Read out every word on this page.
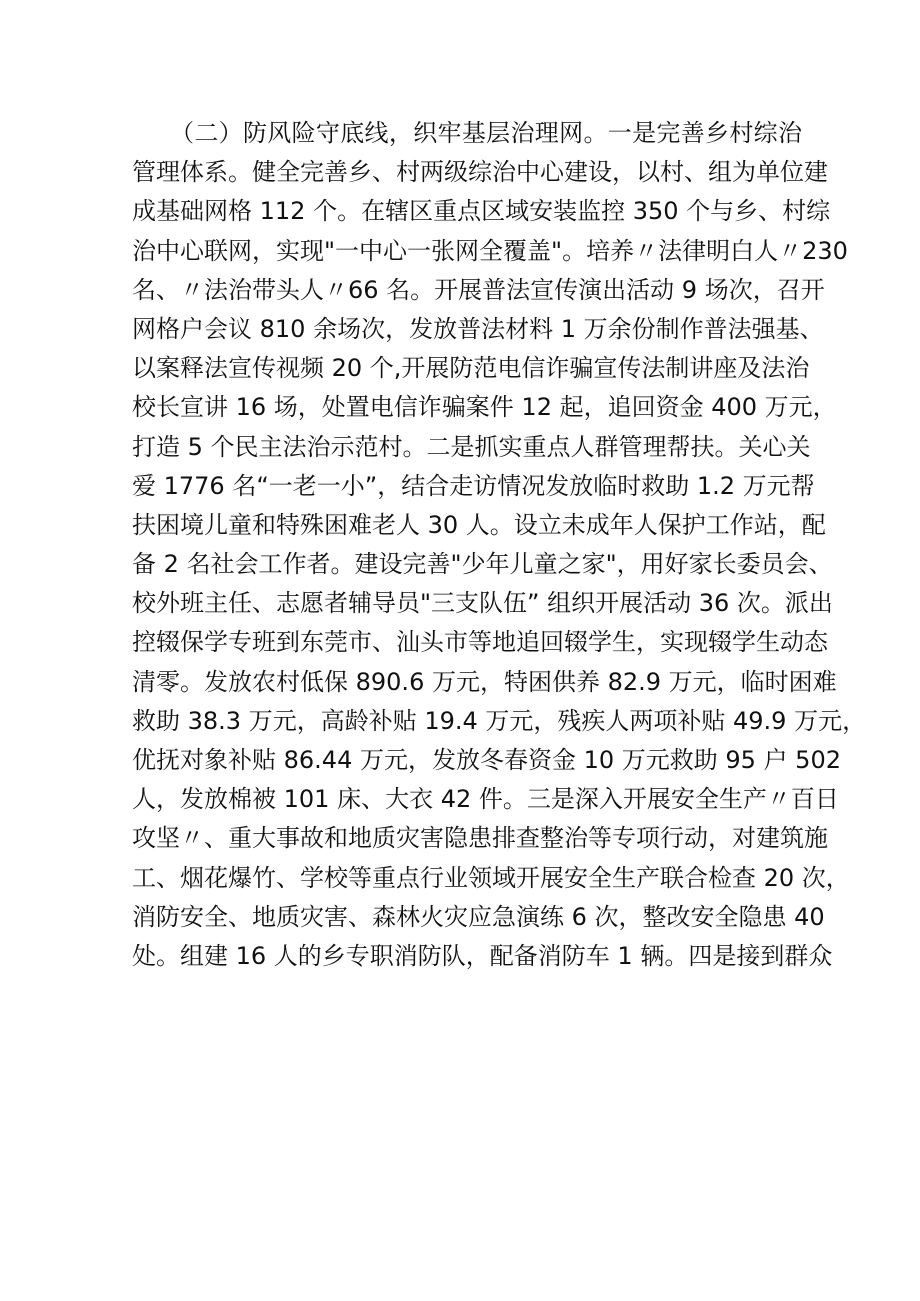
（二）防风险守底线，织牢基层治理网。一是完善乡村综治
管理体系。健全完善乡、村两级综治中心建设，以村、组为单位建
成基础网格 112 个。在辖区重点区域安装监控 350 个与乡、村综
治中心联网，实现"一中心一张网全覆盖"。培养〃法律明白人〃230
名、〃法治带头人〃66 名。开展普法宣传演出活动 9 场次，召开
网格户会议 810 余场次，发放普法材料 1 万余份制作普法强基、
以案释法宣传视频 20 个,开展防范电信诈骗宣传法制讲座及法治
校长宣讲 16 场，处置电信诈骗案件 12 起，追回资金 400 万元，
打造 5 个民主法治示范村。二是抓实重点人群管理帮扶。关心关
爱 1776 名“一老一小”，结合走访情况发放临时救助 1.2 万元帮
扶困境儿童和特殊困难老人 30 人。设立未成年人保护工作站，配
备 2 名社会工作者。建设完善"少年儿童之家"，用好家长委员会、
校外班主任、志愿者辅导员"三支队伍” 组织开展活动 36 次。派出
控辍保学专班到东莞市、汕头市等地追回辍学生，实现辍学生动态
清零。发放农村低保 890.6 万元，特困供养 82.9 万元，临时困难
救助 38.3 万元，高龄补贴 19.4 万元，残疾人两项补贴 49.9 万元，
优抚对象补贴 86.44 万元，发放冬春资金 10 万元救助 95 户 502
人，发放棉被 101 床、大衣 42 件。三是深入开展安全生产〃百日
攻坚〃、重大事故和地质灾害隐患排查整治等专项行动，对建筑施
工、烟花爆竹、学校等重点行业领域开展安全生产联合检查 20 次，
消防安全、地质灾害、森林火灾应急演练 6 次，整改安全隐患 40
处。组建 16 人的乡专职消防队，配备消防车 1 辆。四是接到群众
